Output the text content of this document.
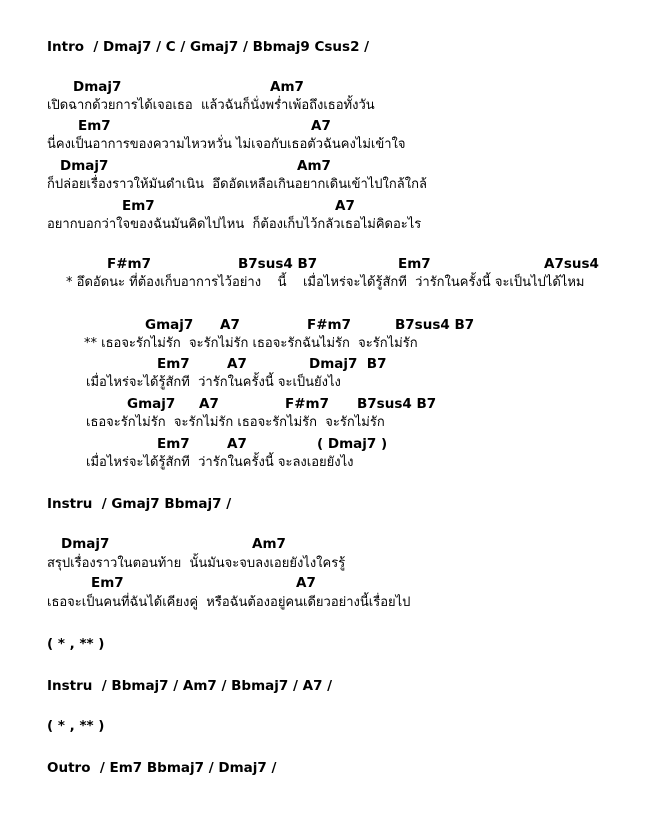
Intro  / Dmaj7 / C / Gmaj7 / Bbmaj9 Csus2 /
Dmaj7	Am7
เปิดฉากด้วยการได้เจอเธอ  แล้วฉันก็นั่งพร่ำเพ้อถึงเธอทั้งวัน
Em7	A7
นี่คงเป็นอาการของความไหวหวั่น ไม่เจอกับเธอตัวฉันคงไม่เข้าใจ
Dmaj7	Am7
ก็ปล่อยเรื่องราวให้มันดำเนิน  อึดอัดเหลือเกินอยากเดินเข้าไปใกล้ใกล้
Em7	A7
อยากบอกว่าใจของฉันมันคิดไปไหน  ก็ต้องเก็บไว้กลัวเธอไม่คิดอะไร
F#m7	B7sus4 B7	Em7	A7sus4
* อึดอัดนะ ที่ต้องเก็บอาการไว้อย่าง    นี้    เมื่อไหร่จะได้รู้สักที  ว่ารักในครั้งนี้ จะเป็นไปได้ไหม
Gmaj7 A7	F#m7	B7sus4 B7
** เธอจะรักไม่รัก  จะรักไม่รัก เธอจะรักฉันไม่รัก  จะรักไม่รัก
Em7	A7	Dmaj7  B7
เมื่อไหร่จะได้รู้สักที  ว่ารักในครั้งนี้ จะเป็นยังไง
Gmaj7 A7	F#m7 B7sus4 B7
เธอจะรักไม่รัก  จะรักไม่รัก เธอจะรักไม่รัก  จะรักไม่รัก
Em7	A7	( Dmaj7 )
เมื่อไหร่จะได้รู้สักที  ว่ารักในครั้งนี้ จะลงเอยยังไง
Instru  / Gmaj7 Bbmaj7 /
Dmaj7	Am7
สรุปเรื่องราวในตอนท้าย  นั้นมันจะจบลงเอยยังไงใครรู้
Em7	A7
เธอจะเป็นคนที่ฉันได้เคียงคู่  หรือฉันต้องอยู่คนเดียวอย่างนี้เรื่อยไป
( * , ** )
Instru  / Bbmaj7 / Am7 / Bbmaj7 / A7 /
( * , ** )
Outro  / Em7 Bbmaj7 / Dmaj7 /
